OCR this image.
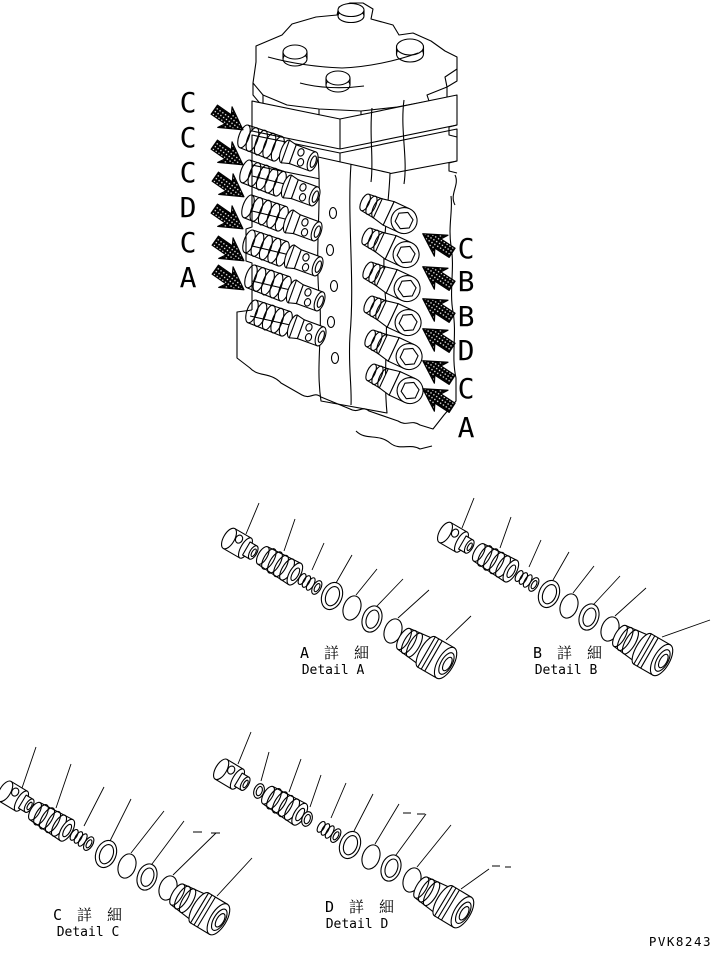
C
C
C
D
C
A
C
B
B
D
C
A
A 詳 細
Detail A
B 詳 細
Detail B
C 詳 細
Detail C
D 詳 細
Detail D
PVK8243
